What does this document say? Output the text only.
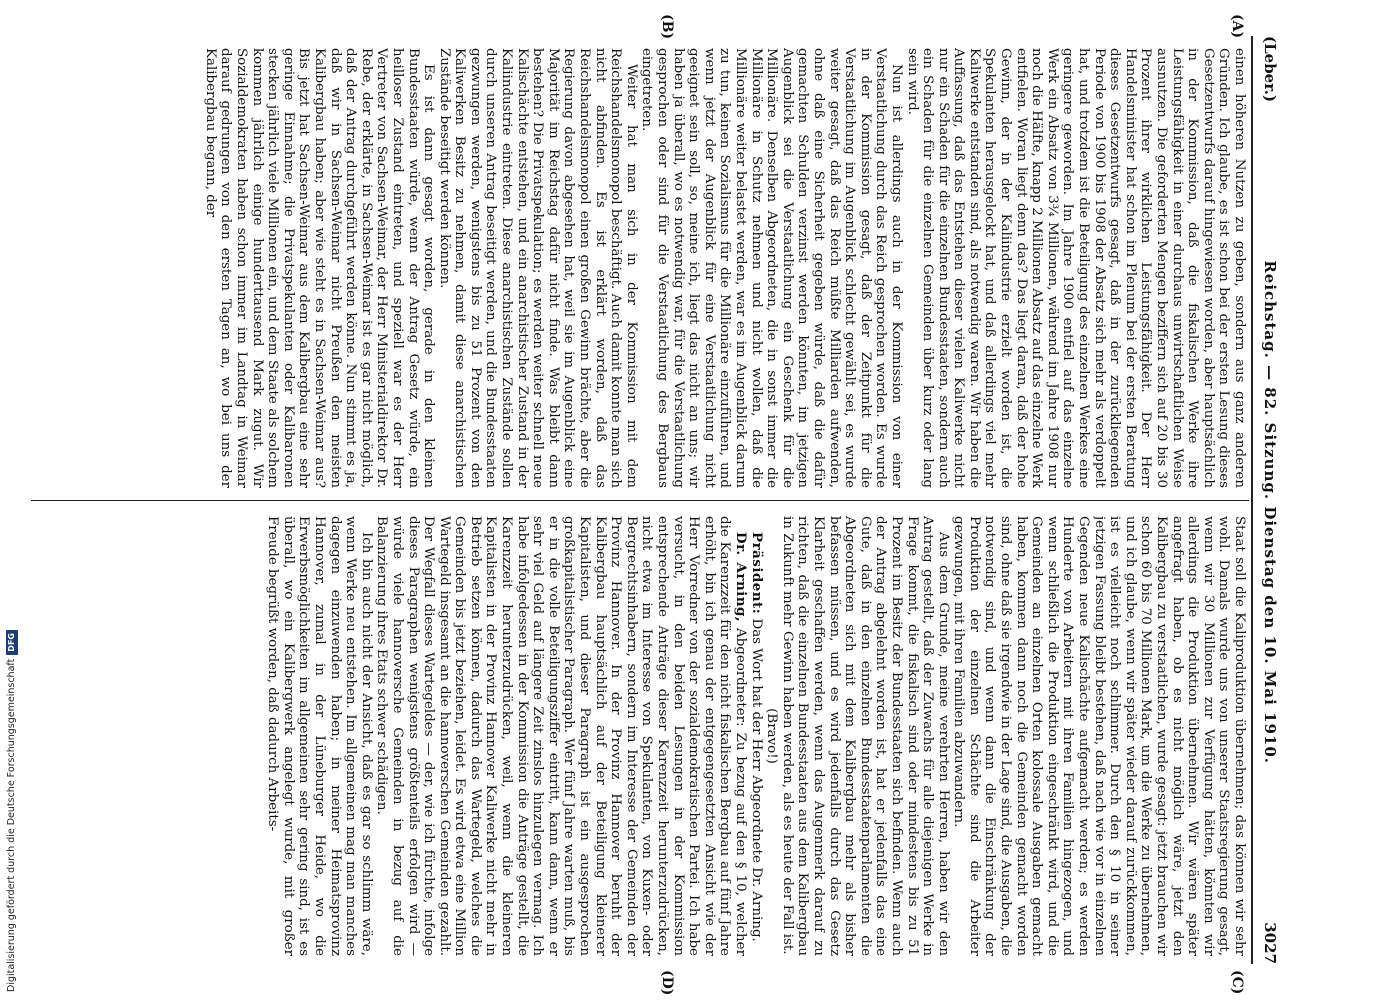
(Leber.)
Reichstag. — 82. Sitzung. Dienstag den 10. Mai 1910.
3027
(A)
(B)
(C)
(D)

einen höheren Nutzen zu geben, sondern aus ganz anderen Gründen. Ich glaube, es ist schon bei der ersten Lesung dieses Gesetzentwurfs darauf hingewiesen worden, aber hauptsächlich in der Kommission, daß die fiskalischen Werke ihre Leistungsfähigkeit in einer durchaus unwirtschaftlichen Weise ausnutzen. Die geforderten Mengen beziffern sich auf 20 bis 30 Prozent ihrer wirklichen Leistungsfähigkeit. Der Herr Handelsminister hat schon im Plenum bei der ersten Beratung dieses Gesetzentwurfs gesagt, daß in der zurückliegenden Periode von 1900 bis 1908 der Absatz sich mehr als verdoppelt hat, und trotzdem ist die Beteiligung des einzelnen Werkes eine geringere geworden. Im Jahre 1900 entfiel auf das einzelne Werk ein Absatz von 3¾ Millionen, während im Jahre 1908 nur noch die Hälfte, knapp 2 Millionen Absatz auf das einzelne Werk entfielen. Woran liegt denn das? Das liegt daran, daß der hohe Gewinn, der in der Kaliindustrie erzielt worden ist, die Spekulanten herausgelockt hat, und daß allerdings viel mehr Kaliwerke entstanden sind, als notwendig waren. Wir haben die Auffassung, daß das Entstehen dieser vielen Kaliwerke nicht nur ein Schaden für die einzelnen Bundesstaaten, sondern auch ein Schaden für die einzelnen Gemeinden über kurz oder lang sein wird.

Nun ist allerdings auch in der Kommission von einer Verstaatlichung durch das Reich gesprochen worden. Es wurde in der Kommission gesagt, daß der Zeitpunkt für die Verstaatlichung im Augenblick schlecht gewählt sei, es wurde weiter gesagt, daß das Reich müßte Milliarden aufwenden, ohne daß eine Sicherheit gegeben würde, daß die dafür gemachten Schulden verzinst werden könnten, im jetzigen Augenblick sei die Verstaatlichung ein Geschenk für die Millionäre. Denselben Abgeordneten, die in sonst immer die Millionäre in Schutz nehmen und nicht wollen, daß die Millionäre weiter belastet werden, war es im Augenblick darum zu tun, keinen Sozialismus für die Millionäre einzuführen, und wenn jetzt der Augenblick für eine Verstaatlichung nicht geeignet sein soll, so, meine ich, liegt das nicht an uns; wir haben ja überall, wo es notwendig war, für die Verstaatlichung gesprochen oder sind für die Verstaatlichung des Bergbaus eingetreten.

Weiter hat man sich in der Kommission mit dem Reichshandelsmonopol beschäftigt. Auch damit konnte man sich nicht abfinden. Es ist erklärt worden, daß das Reichshandelsmonopol einen großen Gewinn brächte, aber die Regierung davon abgesehen hat, weil sie im Augenblick eine Majorität im Reichstag dafür nicht finde. Was bleibt dann bestehen? Die Privatspekulation; es werden weiter schnell neue Kalischächte entstehen, und ein anarchistischer Zustand in der Kaliindustrie eintreten. Diese anarchistischen Zustände sollen durch unseren Antrag beseitigt werden, und die Bundesstaaten gezwungen werden, wenigstens bis zu 51 Prozent von den Kaliwerken Besitz zu nehmen, damit diese anarchistischen Zustände beseitigt werden können.

Es ist dann gesagt worden, gerade in den kleinen Bundesstaaten würde, wenn der Antrag Gesetz würde, ein heilloser Zustand eintreten, und speziell war es der Herr Vertreter von Sachsen-Weimar, der Herr Ministerialdirektor Dr. Rebe, der erklärte, in Sachsen-Weimar ist es gar nicht möglich, daß der Antrag durchgeführt werden könne. Nun stimmt es ja, daß wir in Sachsen-Weimar nicht Preußen den meisten Kalibergbau haben; aber wie steht es in Sachsen-Weimar aus? Bis jetzt hat Sachsen-Weimar aus dem Kalibergbau eine sehr geringe Einnahme; die Privatspekulanten oder Kalibaronen stecken jährlich viele Millionen ein, und dem Staate als solchem kommen jährlich einige hunderttausend Mark zugut. Wir Sozialdemokraten haben schon immer im Landtag in Weimar darauf gedrungen von den ersten Tagen an, wo bei uns der Kalibergbau begann, der

Staat soll die Kaliproduktion übernehmen; das können wir sehr wohl. Damals wurde uns von unserer Staatsregierung gesagt, wenn wir 30 Millionen zur Verfügung hätten, könnten wir allerdings die Produktion übernehmen. Wir wären später angefragt haben, ob es nicht möglich wäre, jetzt den Kalibergbau zu verstaatlichen, wurde gesagt: jetzt brauchen wir schon 60 bis 70 Millionen Mark, um die Werke zu übernehmen, und ich glaube, wenn wir später wieder darauf zurückkommen, ist es vielleicht noch schlimmer. Durch den § 10 in seiner jetzigen Fassung bleibt bestehen, daß nach wie vor in einzelnen Gegenden neue Kalischächte aufgemacht werden; es werden Hunderte von Arbeitern mit ihren Familien hingezogen, und wenn schließlich die Produktion eingeschränkt wird, und die Gemeinden an einzelnen Orten kolossale Ausgaben gemacht haben, kommen dann noch die Gemeinden gemacht worden sind, ohne daß sie irgendwie in der Lage sind, die Ausgaben, die notwendig sind, und wenn dann die Einschränkung der Produktion der einzelnen Schächte sind die Arbeiter gezwungen, mit ihren Familien abzuwandern.

Aus dem Grunde, meine verehrten Herren, haben wir den Antrag gestellt, daß der Zuwachs für alle diejenigen Werke in Frage kommt, die fiskalisch sind oder mindestens bis zu 51 Prozent im Besitz der Bundesstaaten sich befinden. Wenn auch der Antrag abgelehnt worden ist, hat er jedenfalls das eine Gute, daß in den einzelnen Bundesstaatenparlamenten die Abgeordneten sich mit dem Kalibergbau mehr als bisher befassen müssen, und es wird jedenfalls durch das Gesetz Klarheit geschaffen werden, wenn das Augenmerk darauf zu richten, daß die einzelnen Bundesstaaten aus dem Kalibergbau in Zukunft mehr Gewinn haben werden, als es heute der Fall ist.

(Bravo!)

Präsident: Das Wort hat der Herr Abgeordnete Dr. Arning.

Dr. Arning, Abgeordneter: Zu bezug auf den § 10, welcher die Karenzzeit für den nicht fiskalischen Bergbau auf fünf Jahre erhöht, bin ich genau der entgegengesetzten Ansicht wie der Herr Vorredner von der sozialdemokratischen Partei. Ich habe versucht, in den beiden Lesungen in der Kommission entsprechende Anträge dieser Karenzzeit herunterzudrücken, nicht etwa im Interesse von Spekulanten, von Kuxen- oder Bergrechtsinhabern, sondern im Interesse der Gemeinden der Provinz Hannover. In der Provinz Hannover beruht der Kalibergbau hauptsächlich auf der Beteiligung kleinerer Kapitalisten, und dieser Paragraph ist ein ausgesprochen großkapitalistischer Paragraph. Wer fünf Jahre warten muß, bis er in die volle Beteiligungsziffer eintritt, kann dann, wenn er sehr viel Geld auf längere Zeit zinslos hinzulegen vermag. Ich habe infolgedessen in der Kommission die Anträge gestellt, die Karenzzeit herunterzudrücken, weil, wenn die kleineren Kapitalisten in der Provinz Hannover Kaliwerke nicht mehr in Betrieb setzen können, dadurch das Wartegeld, welches die Gemeinden bis jetzt beziehen, leidet. Es wird etwa eine Million Wartegeld insgesamt an die hannoverschen Gemeinden gezahlt. Der Wegfall dieses Wartegeldes — der, wie ich fürchte, infolge dieses Paragraphen wenigstens größtenteils erfolgen wird — würde viele hannoversche Gemeinden in bezug auf die Balanzierung ihres Etats schwer schädigen.

Ich bin auch nicht der Ansicht, daß es gar so schlimm wäre, wenn Werke neu entstehen. Im allgemeinen mag man manches dagegen einzuwenden haben; in meiner Heimatsprovinz Hannover, zumal in der Lüneburger Heide, wo die Erwerbsmöglichkeiten im allgemeinen sehr gering sind, ist es überall, wo ein Kalibergwerk angelegt wurde, mit großer Freude begrüßt worden, daß dadurch Arbeits-

Digitalisierung gefördert durch die Deutsche Forschungsgemeinschaft
DFG
